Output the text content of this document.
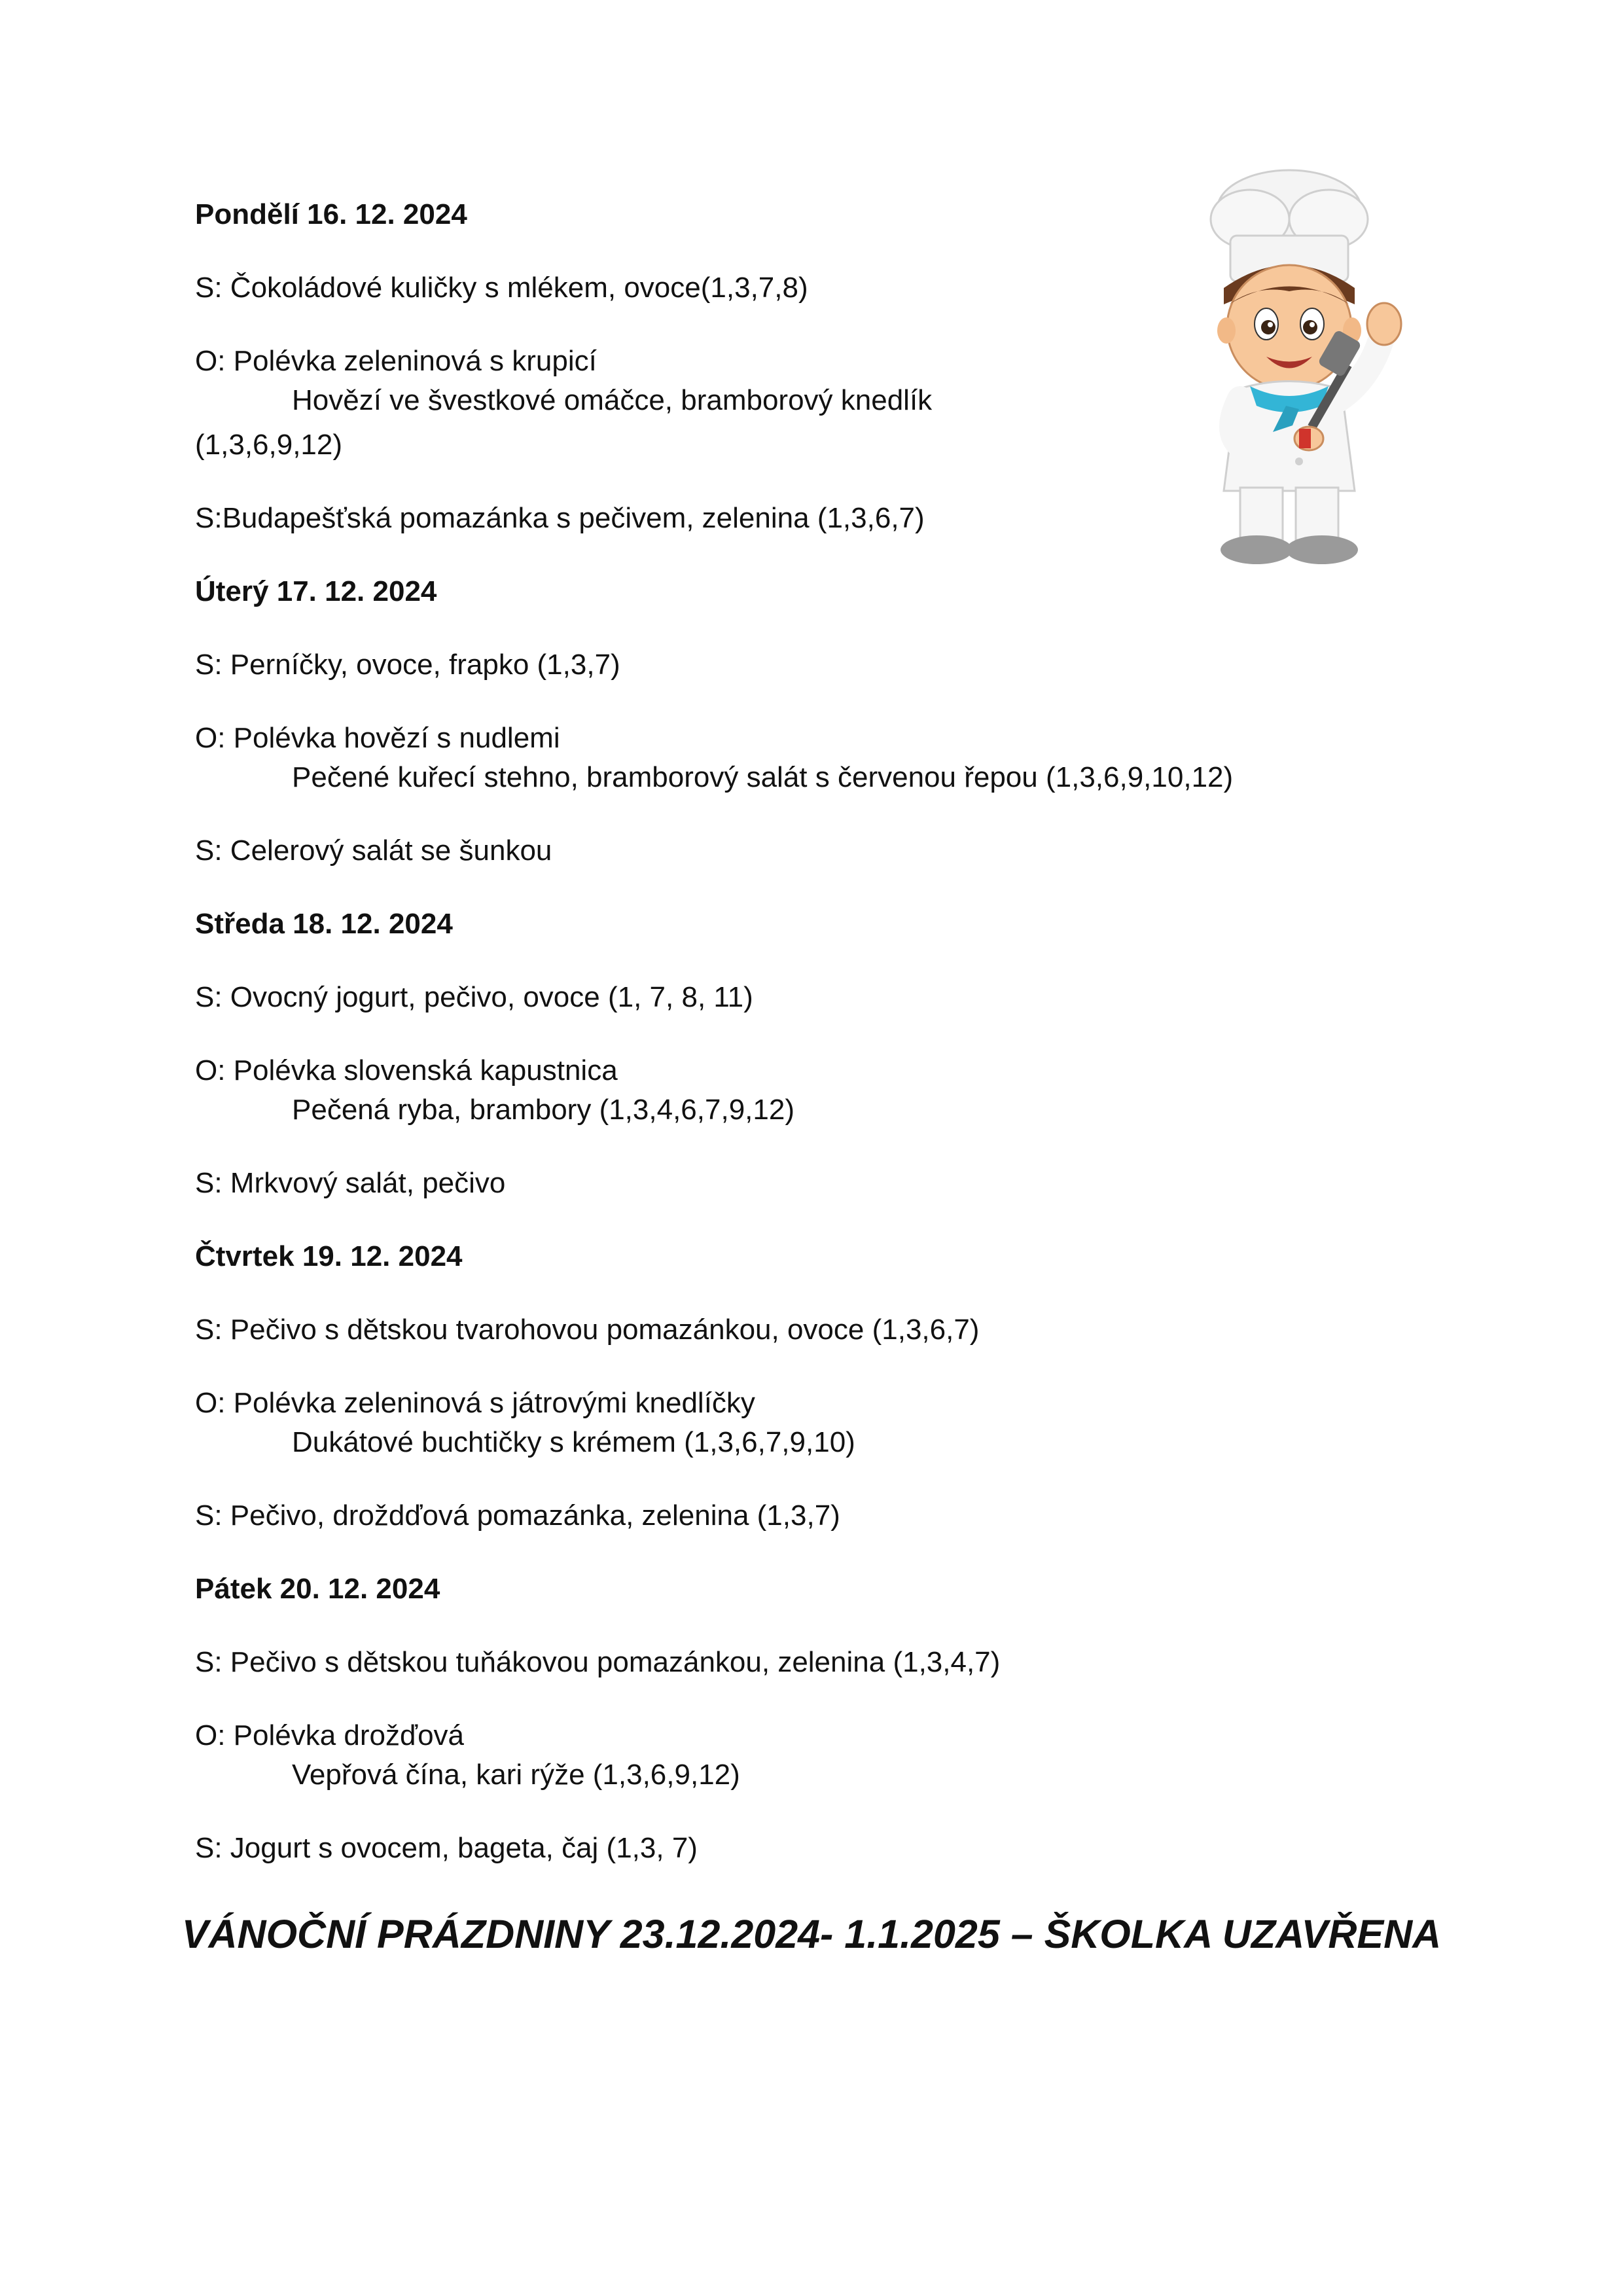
Pondělí 16. 12. 2024
S: Čokoládové kuličky s mlékem, ovoce(1,3,7,8)
O: Polévka zeleninová s krupicí
Hovězí ve švestkové omáčce, bramborový knedlík
(1,3,6,9,12)
S:Budapešťská pomazánka s pečivem, zelenina (1,3,6,7)
Úterý 17. 12. 2024
S: Perníčky, ovoce, frapko (1,3,7)
O: Polévka hovězí s nudlemi
Pečené kuřecí stehno, bramborový salát s červenou řepou (1,3,6,9,10,12)
S: Celerový salát se šunkou
Středa 18. 12. 2024
S: Ovocný jogurt, pečivo, ovoce (1, 7, 8, 11)
O: Polévka slovenská kapustnica
Pečená ryba, brambory (1,3,4,6,7,9,12)
S: Mrkvový salát, pečivo
Čtvrtek 19. 12. 2024
S: Pečivo s dětskou tvarohovou pomazánkou, ovoce (1,3,6,7)
O: Polévka zeleninová s játrovými knedlíčky
Dukátové buchtičky s krémem (1,3,6,7,9,10)
S: Pečivo, droždďová pomazánka, zelenina (1,3,7)
Pátek 20. 12. 2024
S: Pečivo s dětskou tuňákovou pomazánkou, zelenina (1,3,4,7)
O: Polévka drožďová
Vepřová čína, kari rýže (1,3,6,9,12)
S: Jogurt s ovocem, bageta, čaj (1,3, 7)
VÁNOČNÍ PRÁZDNINY 23.12.2024- 1.1.2025 – ŠKOLKA UZAVŘENA
